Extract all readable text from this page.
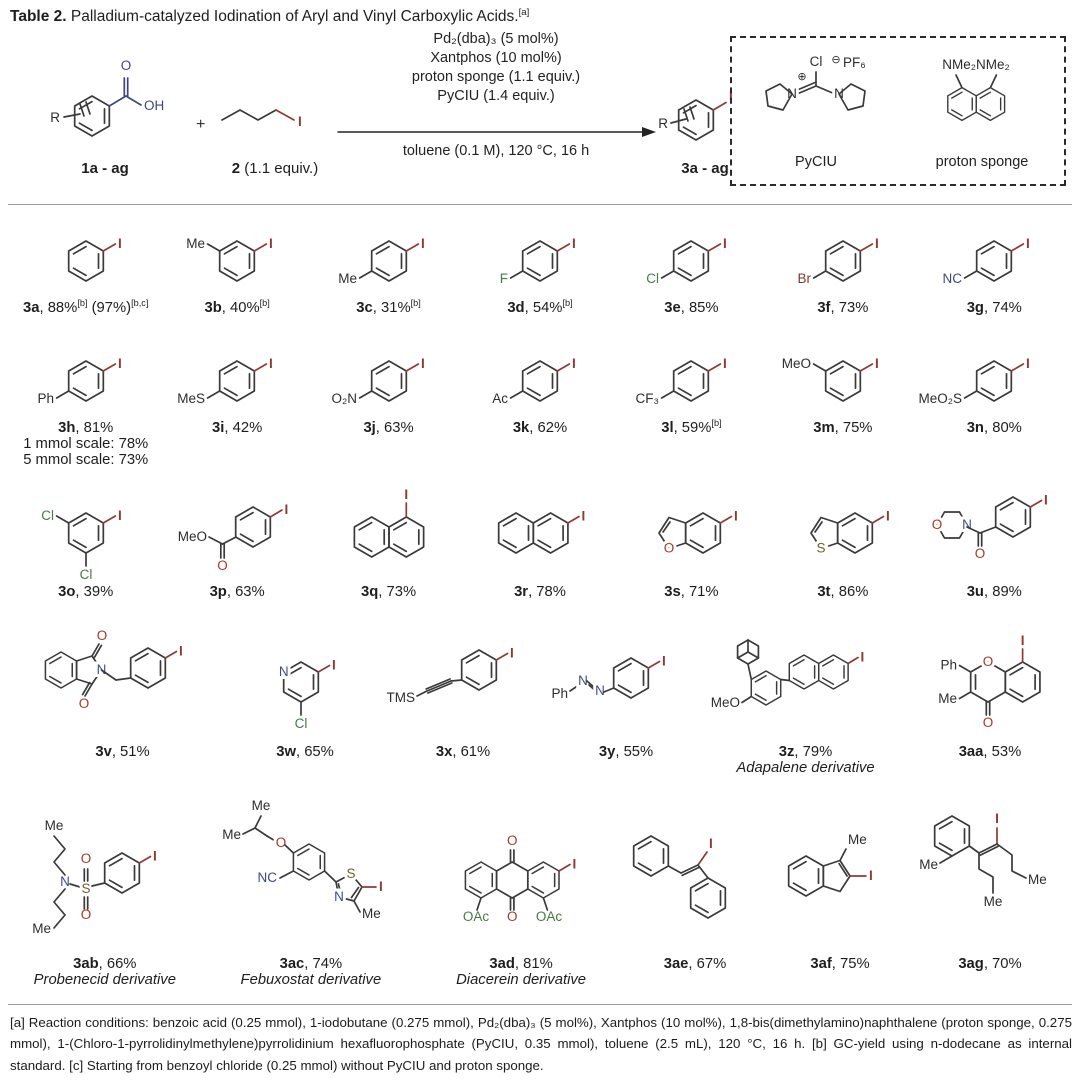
Table 2. Palladium-catalyzed Iodination of Aryl and Vinyl Carboxylic Acids.[a]
R
O
OH
1a - ag
+	I
2 (1.1 equiv.)
Pd₂(dba)₃ (5 mol%)
Xantphos (10 mol%)
proton sponge (1.1 equiv.)
PyCIU (1.4 equiv.)
toluene (0.1 M), 120 °C, 16 h
R
I
3a - ag
Cl
N
⊕
N
⊖ PF₆
PyCIU
NMe₂NMe₂
proton sponge
I
3a, 88%[b] (97%)[b,c]
I
Me
3b, 40%[b]
I
Me
3c, 31%[b]
I
F
3d, 54%[b]
I
Cl
3e, 85%
I
Br
3f, 73%
I
NC
3g, 74%
I
Ph
3h, 81%
1 mmol scale: 78%
5 mmol scale: 73%
I
MeS
3i, 42%
I
O₂N
3j, 63%
I
Ac
3k, 62%
I
CF₃
3l, 59%[b]
I
MeO
3m, 75%
I
MeO₂S
3n, 80%
I
Cl
Cl
3o, 39%
I
O
MeO
3p, 63%
I
3q, 73%
I
3r, 78%
O
I
3s, 71%
S
I
3t, 86%
O N
O
I
3u, 89%
N
O
O
I
3v, 51%
N
Cl
I
3w, 65%
TMS
I
3x, 61%
Ph
N
N
I
3y, 55%
MeO
I
3z, 79%
Adapalene derivative
O
Ph
Me
O
I
3aa, 53%
N
Me
Me
S
O
O
I
3ab, 66%
Probenecid derivative
Me
Me
O
NC	S
N
Me
I
3ac, 74%
Febuxostat derivative
O
O
OAc	OAc
I
3ad, 81%
Diacerein derivative
I
3ae, 67%
Me
I
3af, 75%
Me
I
Me
Me
3ag, 70%
[a] Reaction conditions: benzoic acid (0.25 mmol), 1-iodobutane (0.275 mmol), Pd₂(dba)₃ (5 mol%), Xantphos (10 mol%), 1,8-bis(dimethylamino)naphthalene (proton sponge, 0.275 mmol), 1-(Chloro-1-pyrrolidinylmethylene)pyrrolidinium hexafluorophosphate (PyCIU, 0.35 mmol), toluene (2.5 mL), 120 °C, 16 h. [b] GC-yield using n-dodecane as internal standard. [c] Starting from benzoyl chloride (0.25 mmol) without PyCIU and proton sponge.
